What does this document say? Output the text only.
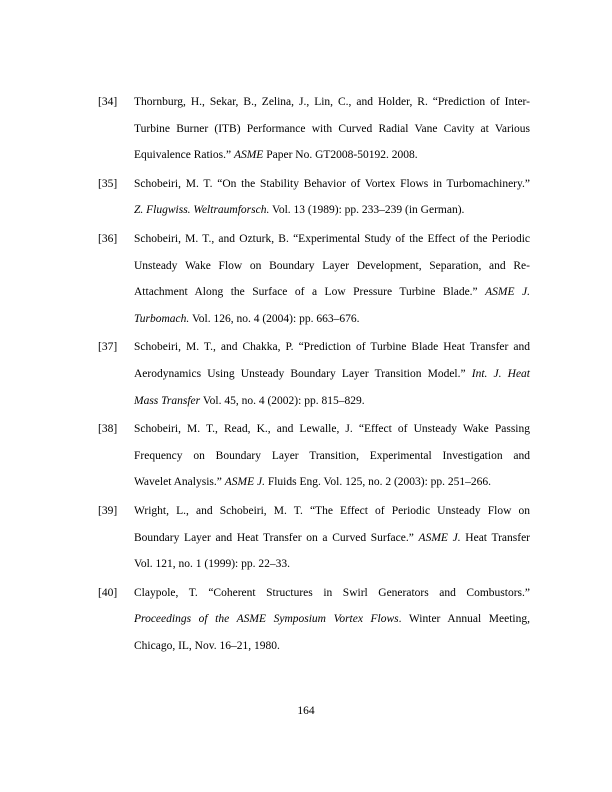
[34]	Thornburg, H., Sekar, B., Zelina, J., Lin, C., and Holder, R. “Prediction of Inter-
Turbine Burner (ITB) Performance with Curved Radial Vane Cavity at Various
Equivalence Ratios.” ASME Paper No. GT2008-50192. 2008.
[35]	Schobeiri, M. T. “On the Stability Behavior of Vortex Flows in Turbomachinery.”
Z. Flugwiss. Weltraumforsch. Vol. 13 (1989): pp. 233–239 (in German).
[36]	Schobeiri, M. T., and Ozturk, B. “Experimental Study of the Effect of the Periodic
Unsteady Wake Flow on Boundary Layer Development, Separation, and Re-
Attachment Along the Surface of a Low Pressure Turbine Blade.” ASME J.
Turbomach. Vol. 126, no. 4 (2004): pp. 663–676.
[37]	Schobeiri, M. T., and Chakka, P. “Prediction of Turbine Blade Heat Transfer and
Aerodynamics Using Unsteady Boundary Layer Transition Model.” Int. J. Heat
Mass Transfer Vol. 45, no. 4 (2002): pp. 815–829.
[38]	Schobeiri, M. T., Read, K., and Lewalle, J. “Effect of Unsteady Wake Passing
Frequency on Boundary Layer Transition, Experimental Investigation and
Wavelet Analysis.” ASME J. Fluids Eng. Vol. 125, no. 2 (2003): pp. 251–266.
[39]	Wright, L., and Schobeiri, M. T. “The Effect of Periodic Unsteady Flow on
Boundary Layer and Heat Transfer on a Curved Surface.” ASME J. Heat Transfer
Vol. 121, no. 1 (1999): pp. 22–33.
[40]	Claypole, T. “Coherent Structures in Swirl Generators and Combustors.”
Proceedings of the ASME Symposium Vortex Flows. Winter Annual Meeting,
Chicago, IL, Nov. 16–21, 1980.
164
